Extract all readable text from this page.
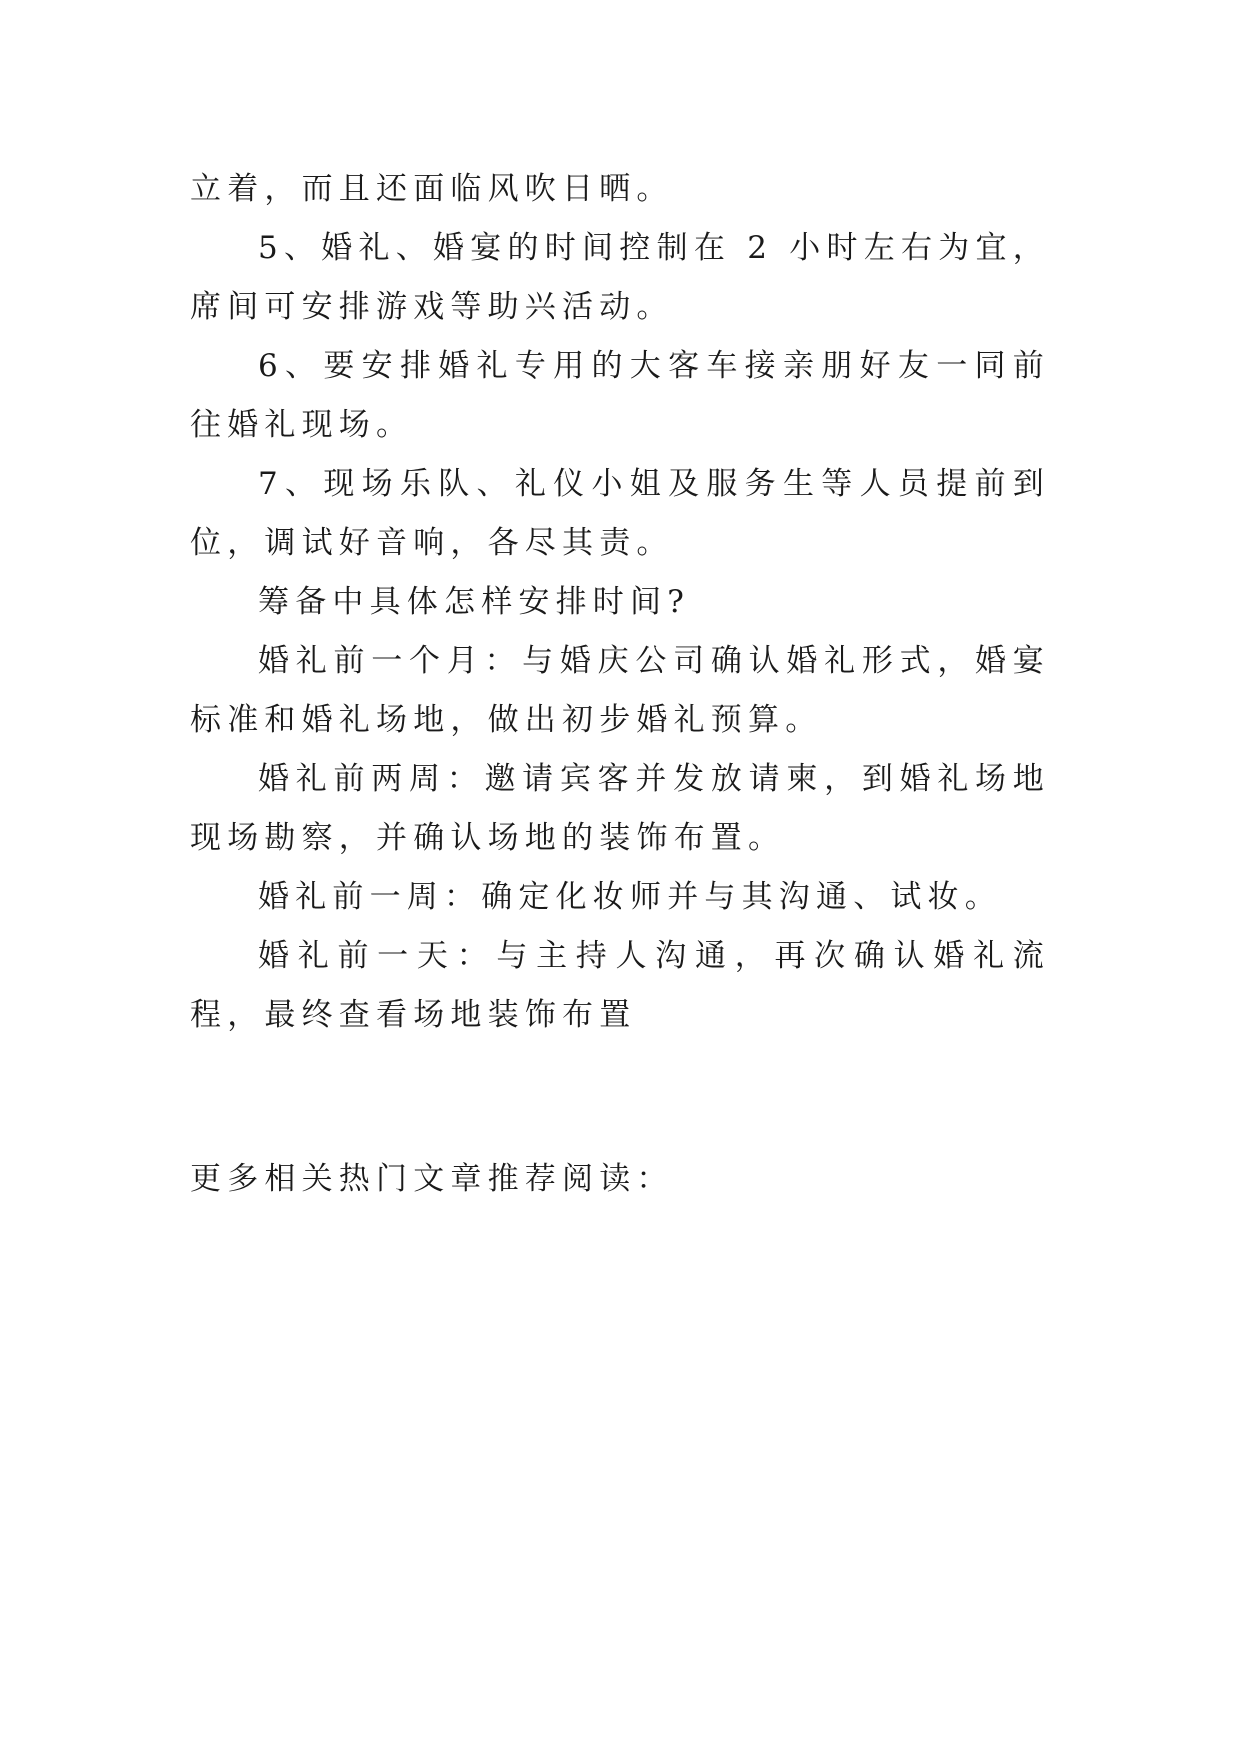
立着，而且还面临风吹日晒。

5、婚礼、婚宴的时间控制在 2 小时左右为宜，席间可安排游戏等助兴活动。

6、要安排婚礼专用的大客车接亲朋好友一同前往婚礼现场。

7、现场乐队、礼仪小姐及服务生等人员提前到位，调试好音响，各尽其责。

筹备中具体怎样安排时间?

婚礼前一个月：与婚庆公司确认婚礼形式，婚宴标准和婚礼场地，做出初步婚礼预算。

婚礼前两周：邀请宾客并发放请柬，到婚礼场地现场勘察，并确认场地的装饰布置。

婚礼前一周：确定化妆师并与其沟通、试妆。

婚礼前一天：与主持人沟通，再次确认婚礼流程，最终查看场地装饰布置

更多相关热门文章推荐阅读：
